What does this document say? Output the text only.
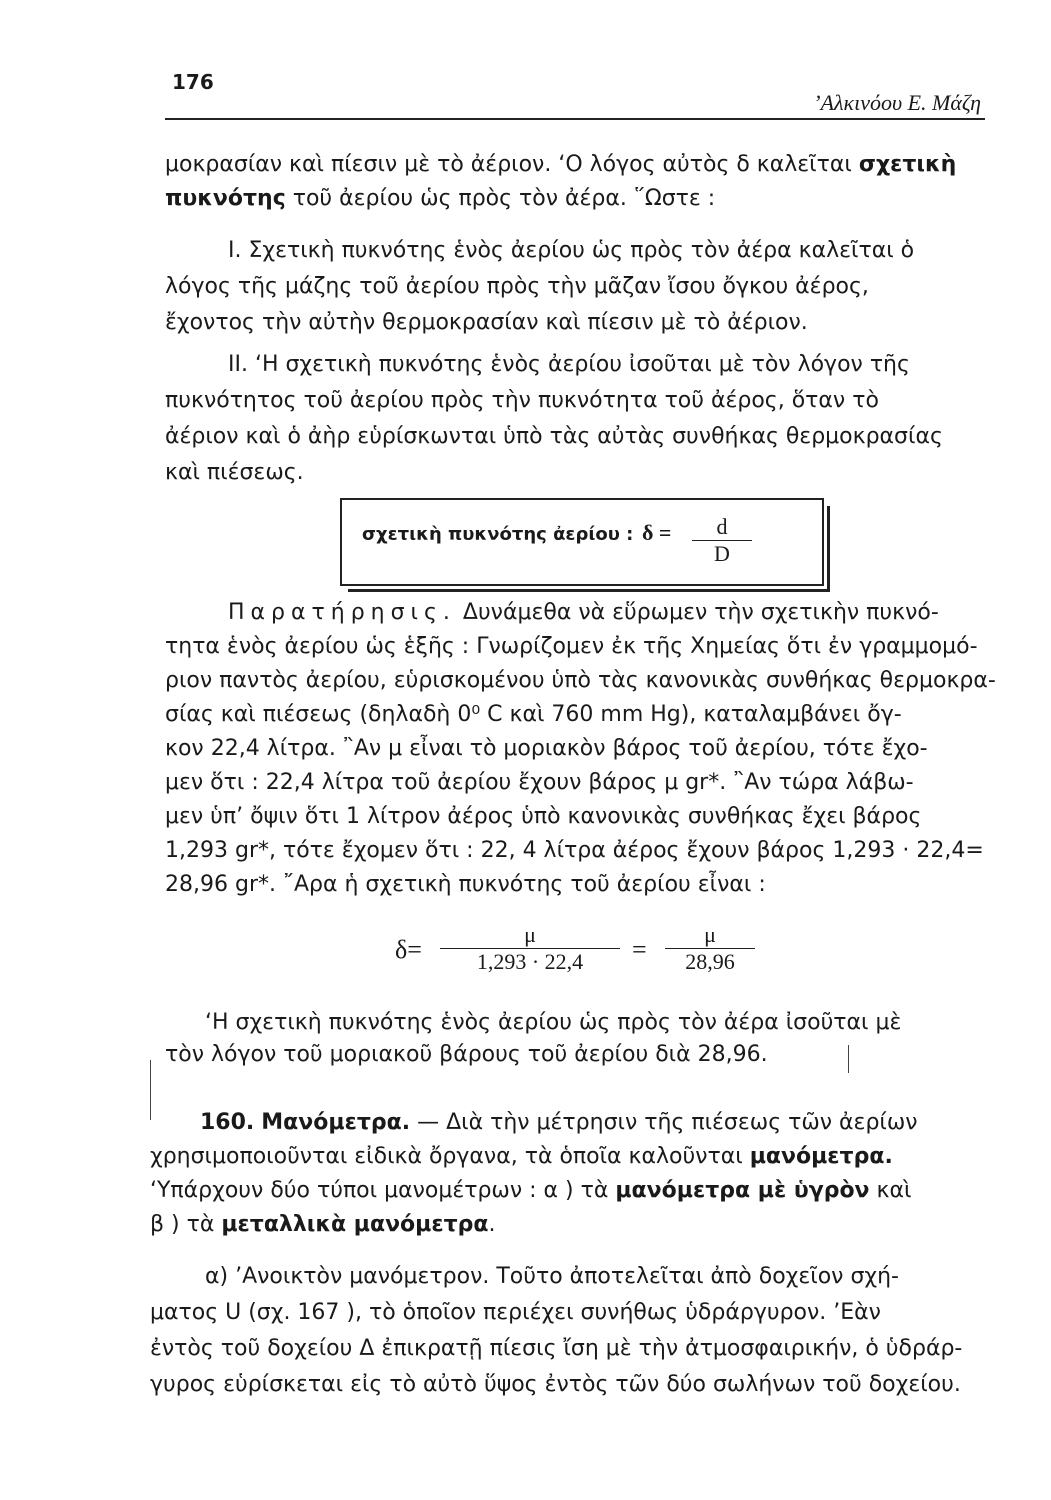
176
’Αλκινόου Ε. Μάζη
μοκρασίαν καὶ πίεσιν μὲ τὸ ἀέριον. ‘Ο λόγος αὐτὸς δ καλεῖται σχετικὴ
πυκνότης τοῦ ἀερίου ὡς πρὸς τὸν ἀέρα. ῞Ωστε :
I. Σχετικὴ πυκνότης ἑνὸς ἀερίου ὡς πρὸς τὸν ἀέρα καλεῖται ὁ
λόγος τῆς μάζης τοῦ ἀερίου πρὸς τὴν μᾶζαν ἴσου ὄγκου ἀέρος,
ἔχοντος τὴν αὐτὴν θερμοκρασίαν καὶ πίεσιν μὲ τὸ ἀέριον.
II. ‘Η σχετικὴ πυκνότης ἑνὸς ἀερίου ἰσοῦται μὲ τὸν λόγον τῆς
πυκνότητος τοῦ ἀερίου πρὸς τὴν πυκνότητα τοῦ ἀέρος, ὅταν τὸ
ἀέριον καὶ ὁ ἀὴρ εὑρίσκωνται ὑπὸ τὰς αὐτὰς συνθήκας θερμοκρασίας
καὶ πιέσεως.
σχετικὴ πυκνότης ἀερίου : $\delta = \frac{d}{D}$
Παρατήρησις. Δυνάμεθα νὰ εὕρωμεν τὴν σχετικὴν πυκνό-
τητα ἑνὸς ἀερίου ὡς ἑξῆς : Γνωρίζομεν ἐκ τῆς Χημείας ὅτι ἐν γραμμομό-
ριον παντὸς ἀερίου, εὑρισκομένου ὑπὸ τὰς κανονικὰς συνθήκας θερμοκρα-
σίας καὶ πιέσεως (δηλαδὴ 0⁰ C καὶ 760 mm Hg), καταλαμβάνει ὄγ-
κον 22,4 λίτρα. ῍Αν μ εἶναι τὸ μοριακὸν βάρος τοῦ ἀερίου, τότε ἔχο-
μεν ὅτι : 22,4 λίτρα τοῦ ἀερίου ἔχουν βάρος μ gr*. ῍Αν τώρα λάβω-
μεν ὑπ’ ὄψιν ὅτι 1 λίτρον ἀέρος ὑπὸ κανονικὰς συνθήκας ἔχει βάρος
1,293 gr*, τότε ἔχομεν ὅτι : 22, 4 λίτρα ἀέρος ἔχουν βάρος 1,293 · 22,4=
28,96 gr*. ῎Αρα ἡ σχετικὴ πυκνότης τοῦ ἀερίου εἶναι :
$\delta= \frac{\mu}{1,293 \cdot 22,4} = \frac{\mu}{28,96}$
‘Η σχετικὴ πυκνότης ἑνὸς ἀερίου ὡς πρὸς τὸν ἀέρα ἰσοῦται μὲ
τὸν λόγον τοῦ μοριακοῦ βάρους τοῦ ἀερίου διὰ 28,96.
160. Μανόμετρα. — Διὰ τὴν μέτρησιν τῆς πιέσεως τῶν ἀερίων
χρησιμοποιοῦνται εἰδικὰ ὄργανα, τὰ ὁποῖα καλοῦνται μανόμετρα.
‘Υπάρχουν δύο τύποι μανομέτρων : α ) τὰ μανόμετρα μὲ ὑγρὸν καὶ
β ) τὰ μεταλλικὰ μανόμετρα.
α) ’Ανοικτὸν μανόμετρον. Τοῦτο ἀποτελεῖται ἀπὸ δοχεῖον σχή-
ματος U (σχ. 167 ), τὸ ὁποῖον περιέχει συνήθως ὑδράργυρον. ’Εὰν
ἐντὸς τοῦ δοχείου Δ ἐπικρατῇ πίεσις ἴση μὲ τὴν ἀτμοσφαιρικήν, ὁ ὑδράρ-
γυρος εὑρίσκεται εἰς τὸ αὐτὸ ὕψος ἐντὸς τῶν δύο σωλήνων τοῦ δοχείου.
